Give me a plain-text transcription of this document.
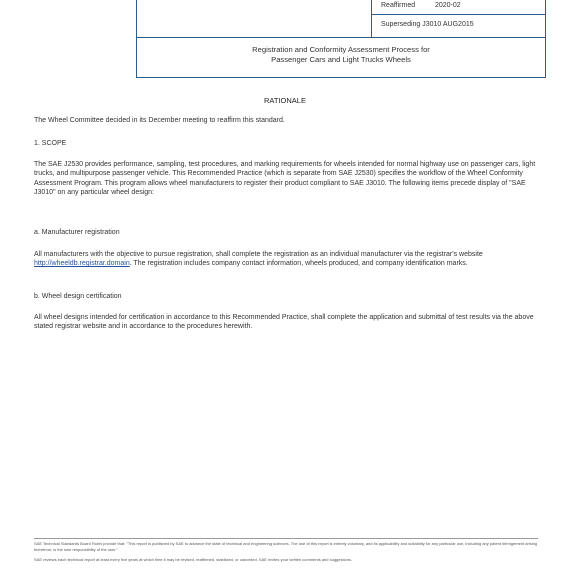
Reaffirmed	2020-02
Superseding J3010 AUG2015
Registration and Conformity Assessment Process for
Passenger Cars and Light Trucks Wheels
RATIONALE

The Wheel Committee decided in its December meeting to reaffirm this standard.

1. SCOPE

The SAE J2530 provides performance, sampling, test procedures, and marking requirements for wheels intended for normal highway use on passenger cars, light trucks, and multipurpose passenger vehicle. This Recommended Practice (which is separate from SAE J2530) specifies the workflow of the Wheel Conformity Assessment Program. This program allows wheel manufacturers to register their product compliant to SAE J3010. The following items precede display of "SAE J3010" on any particular wheel design:

a. Manufacturer registration

All manufacturers with the objective to pursue registration, shall complete the registration as an individual manufacturer via the registrar's website http://wheeldb.registrar.domain. The registration includes company contact information, wheels produced, and company identification marks.

b. Wheel design certification

All wheel designs intended for certification in accordance to this Recommended Practice, shall complete the application and submittal of test results via the above stated registrar website and in accordance to the procedures herewith.

SAE Technical Standards Board Rules provide that: "This report is published by SAE to advance the state of technical and engineering sciences. The use of this report is entirely voluntary, and its applicability and suitability for any particular use, including any patent infringement arising therefrom, is the sole responsibility of the user."

SAE reviews each technical report at least every five years at which time it may be revised, reaffirmed, stabilized, or cancelled. SAE invites your written comments and suggestions.
